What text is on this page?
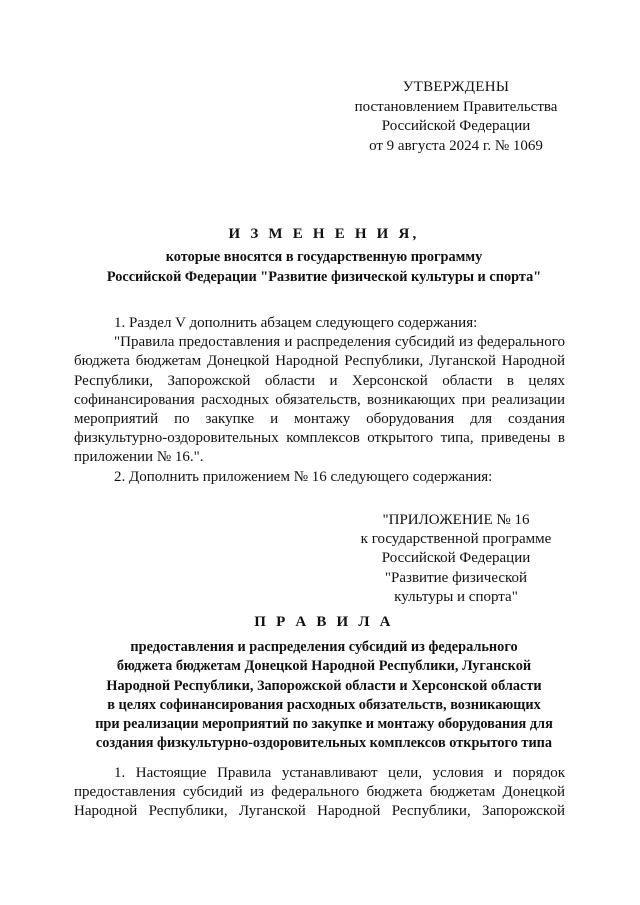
УТВЕРЖДЕНЫ
постановлением Правительства
Российской Федерации
от 9 августа 2024 г. № 1069
И З М Е Н Е Н И Я,
которые вносятся в государственную программу
Российской Федерации "Развитие физической культуры и спорта"

1. Раздел V дополнить абзацем следующего содержания:

"Правила предоставления и распределения субсидий из федерального бюджета бюджетам Донецкой Народной Республики, Луганской Народной Республики, Запорожской области и Херсонской области в целях софинансирования расходных обязательств, возникающих при реализации мероприятий по закупке и монтажу оборудования для создания физкультурно-оздоровительных комплексов открытого типа, приведены в приложении № 16.".

2. Дополнить приложением № 16 следующего содержания:

"ПРИЛОЖЕНИЕ № 16
к государственной программе
Российской Федерации
"Развитие физической
культуры и спорта"
П Р А В И Л А
предоставления и распределения субсидий из федерального
бюджета бюджетам Донецкой Народной Республики, Луганской
Народной Республики, Запорожской области и Херсонской области
в целях софинансирования расходных обязательств, возникающих
при реализации мероприятий по закупке и монтажу оборудования для
создания физкультурно-оздоровительных комплексов открытого типа

1. Настоящие Правила устанавливают цели, условия и порядок предоставления субсидий из федерального бюджета бюджетам Донецкой Народной Республики, Луганской Народной Республики, Запорожской
